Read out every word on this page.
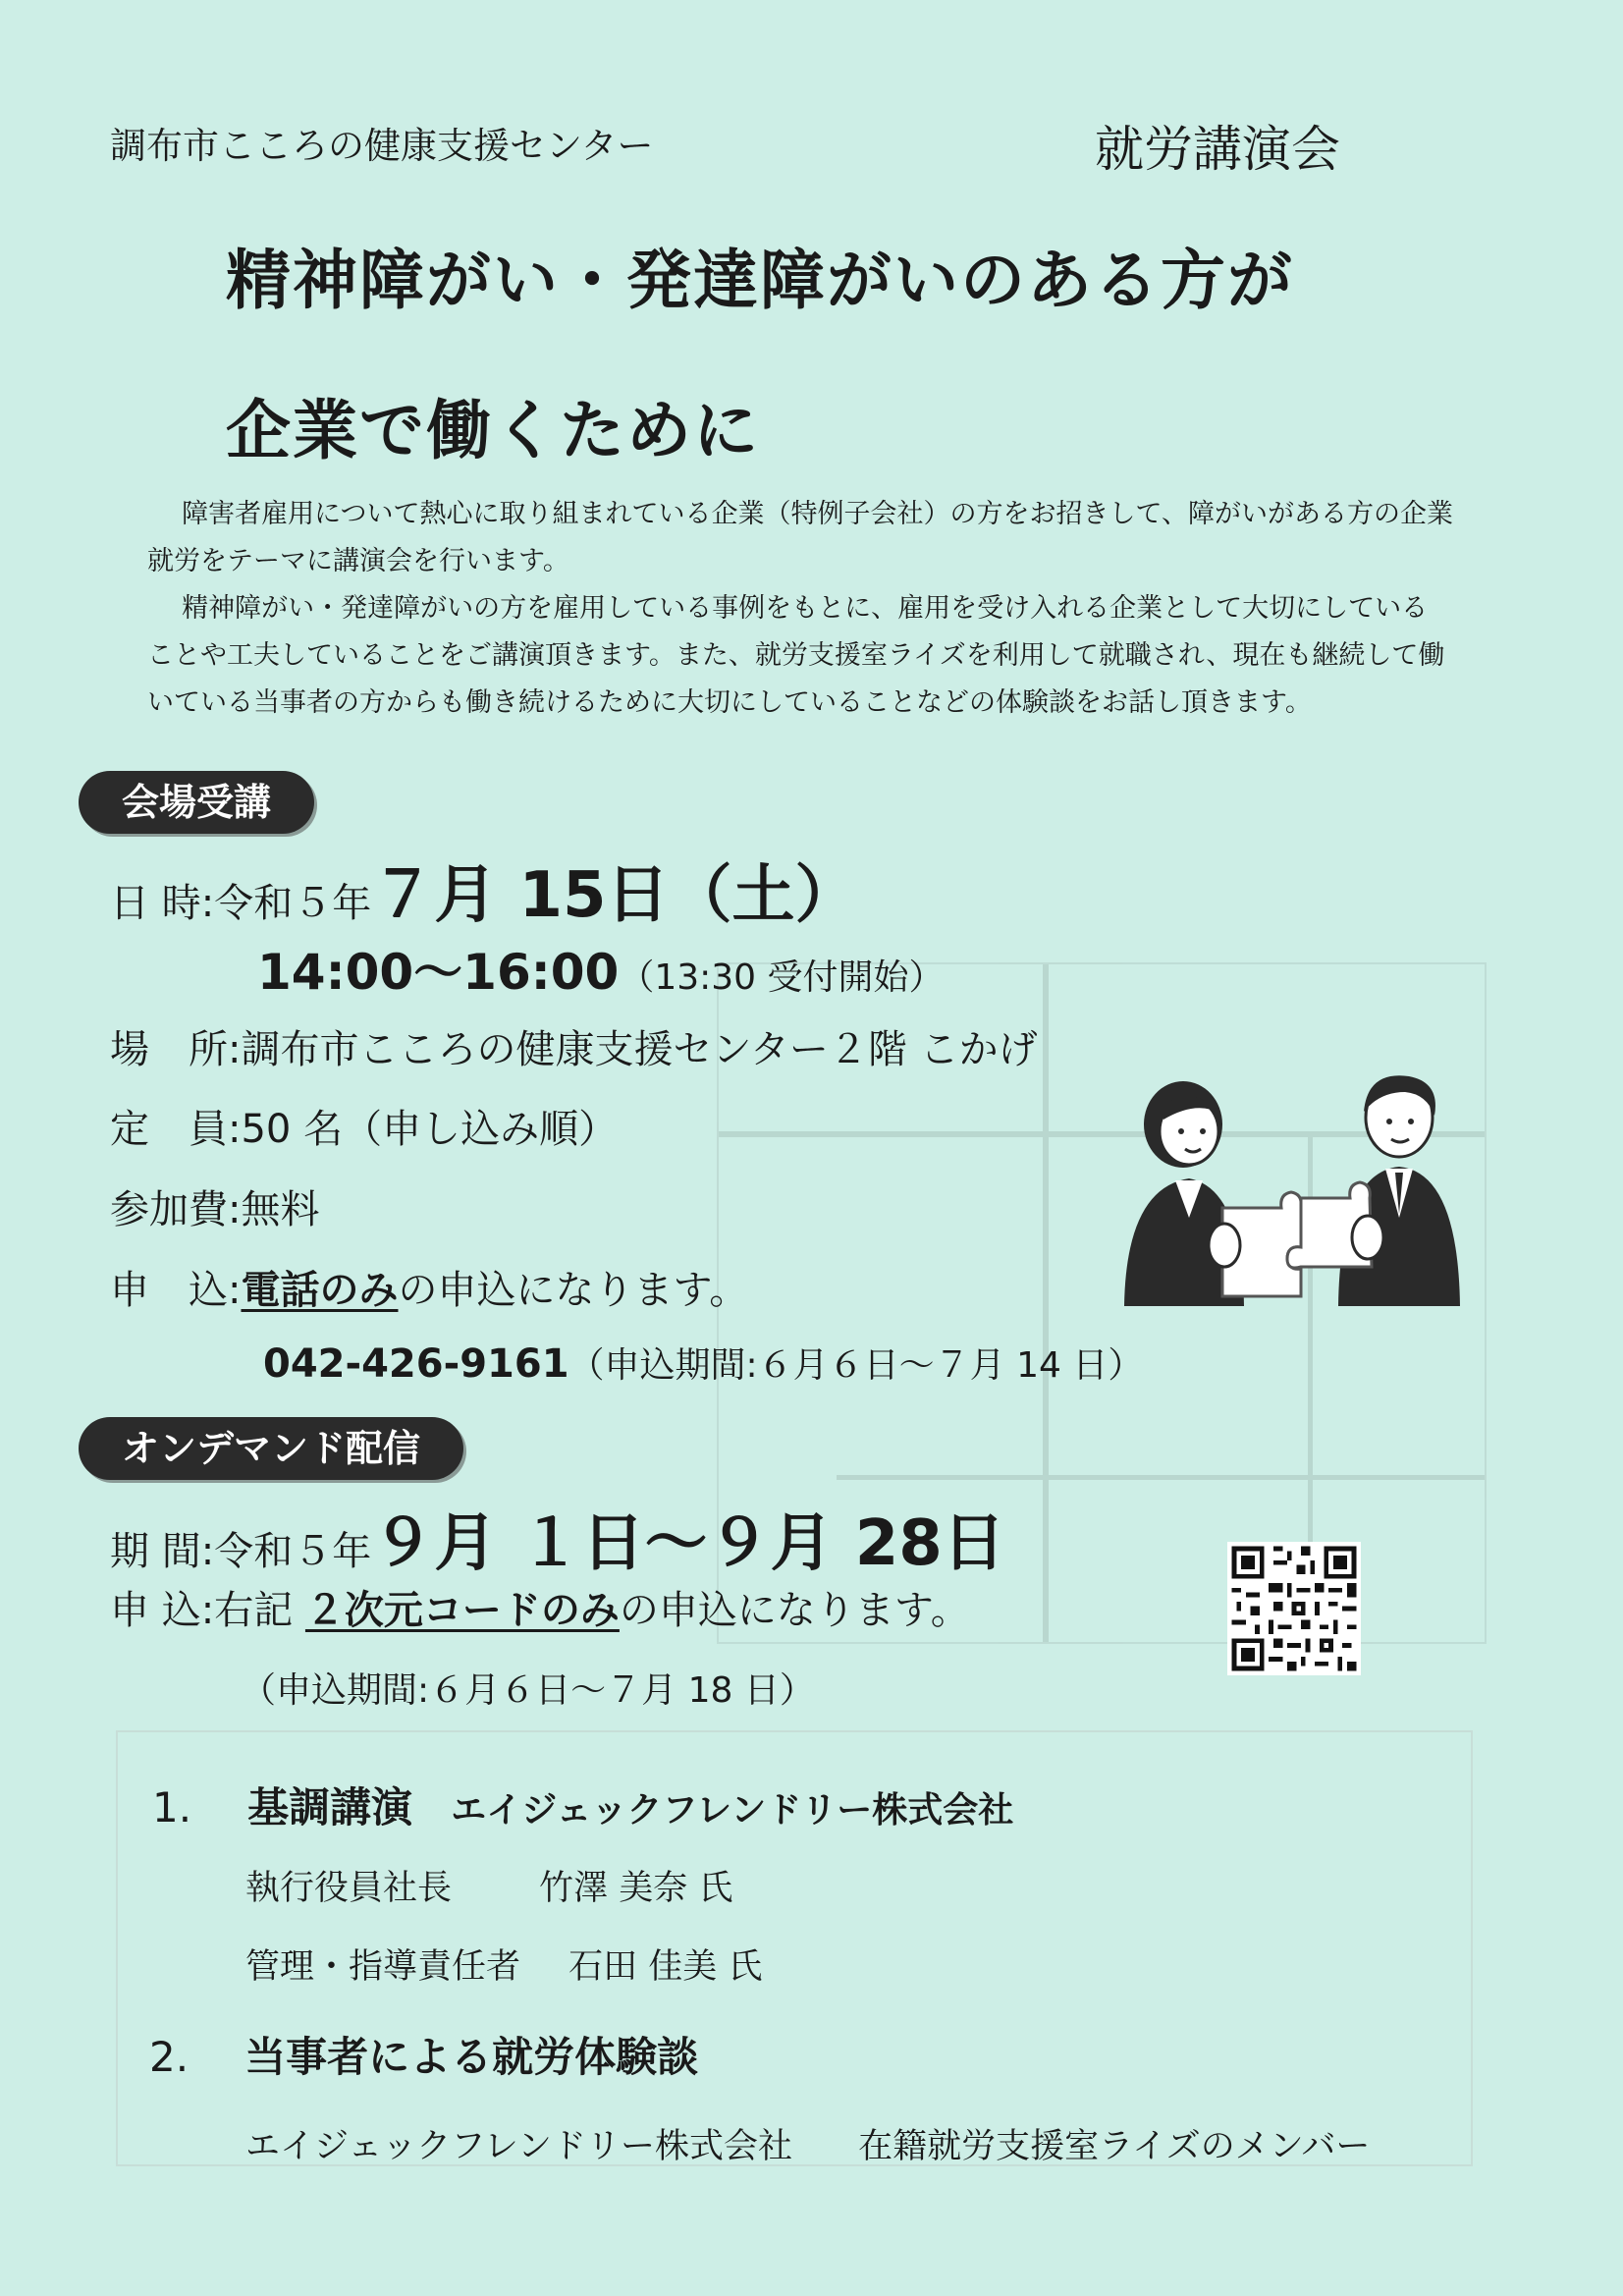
調布市こころの健康支援センター	就労講演会
精神障がい・発達障がいのある方が
企業で働くために

障害者雇用について熱心に取り組まれている企業（特例子会社）の方をお招きして、障がいがある方の企業就労をテーマに講演会を行います。

精神障がい・発達障がいの方を雇用している事例をもとに、雇用を受け入れる企業として大切にしていることや工夫していることをご講演頂きます。また、就労支援室ライズを利用して就職され、現在も継続して働いている当事者の方からも働き続けるために大切にしていることなどの体験談をお話し頂きます。

会場受講
日 時:令和５年７月 15日（土）
14:00〜16:00（13:30 受付開始）
場　所:調布市こころの健康支援センター２階 こかげ
定　員:50 名（申し込み順）
参加費:無料
申　込:電話のみの申込になります。
042-426-9161（申込期間:６月６日〜７月 14 日）
オンデマンド配信
期 間:令和５年９月 １日〜９月 28日
申 込:右記 ２次元コードのみの申込になります。
（申込期間:６月６日〜７月 18 日）
1. 基調講演 エイジェックフレンドリー株式会社
執行役員社長	竹澤 美奈 氏
管理・指導責任者 石田 佳美 氏
2. 当事者による就労体験談
エイジェックフレンドリー株式会社 在籍就労支援室ライズのメンバー
